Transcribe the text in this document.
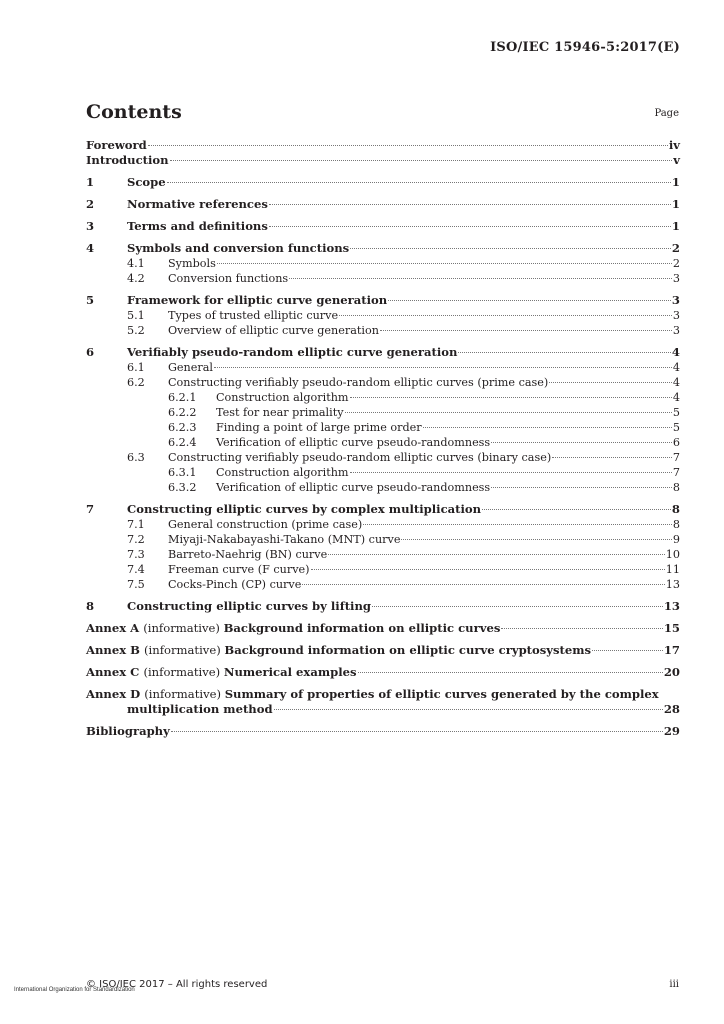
ISO/IEC 15946-5:2017(E)
Contents	Page
Foreword	iv
Introduction	v
1	Scope	1
2	Normative references	1
3	Terms and definitions	1
4	Symbols and conversion functions	2
4.1	Symbols	2
4.2	Conversion functions	3
5	Framework for elliptic curve generation	3
5.1	Types of trusted elliptic curve	3
5.2	Overview of elliptic curve generation	3
6	Verifiably pseudo-random elliptic curve generation	4
6.1	General	4
6.2	Constructing verifiably pseudo-random elliptic curves (prime case)	4
6.2.1	Construction algorithm	4
6.2.2	Test for near primality	5
6.2.3	Finding a point of large prime order	5
6.2.4	Verification of elliptic curve pseudo-randomness	6
6.3	Constructing verifiably pseudo-random elliptic curves (binary case)	7
6.3.1	Construction algorithm	7
6.3.2	Verification of elliptic curve pseudo-randomness	8
7	Constructing elliptic curves by complex multiplication	8
7.1	General construction (prime case)	8
7.2	Miyaji-Nakabayashi-Takano (MNT) curve	9
7.3	Barreto-Naehrig (BN) curve	10
7.4	Freeman curve (F curve)	11
7.5	Cocks-Pinch (CP) curve	13
8	Constructing elliptic curves by lifting	13
Annex A (informative) Background information on elliptic curves	15
Annex B (informative) Background information on elliptic curve cryptosystems	17
Annex C (informative) Numerical examples	20
Annex D (informative) Summary of properties of elliptic curves generated by the complex
multiplication method	28
Bibliography	29
© ISO/IEC 2017 – All rights reserved	iii
International Organization for Standardization
